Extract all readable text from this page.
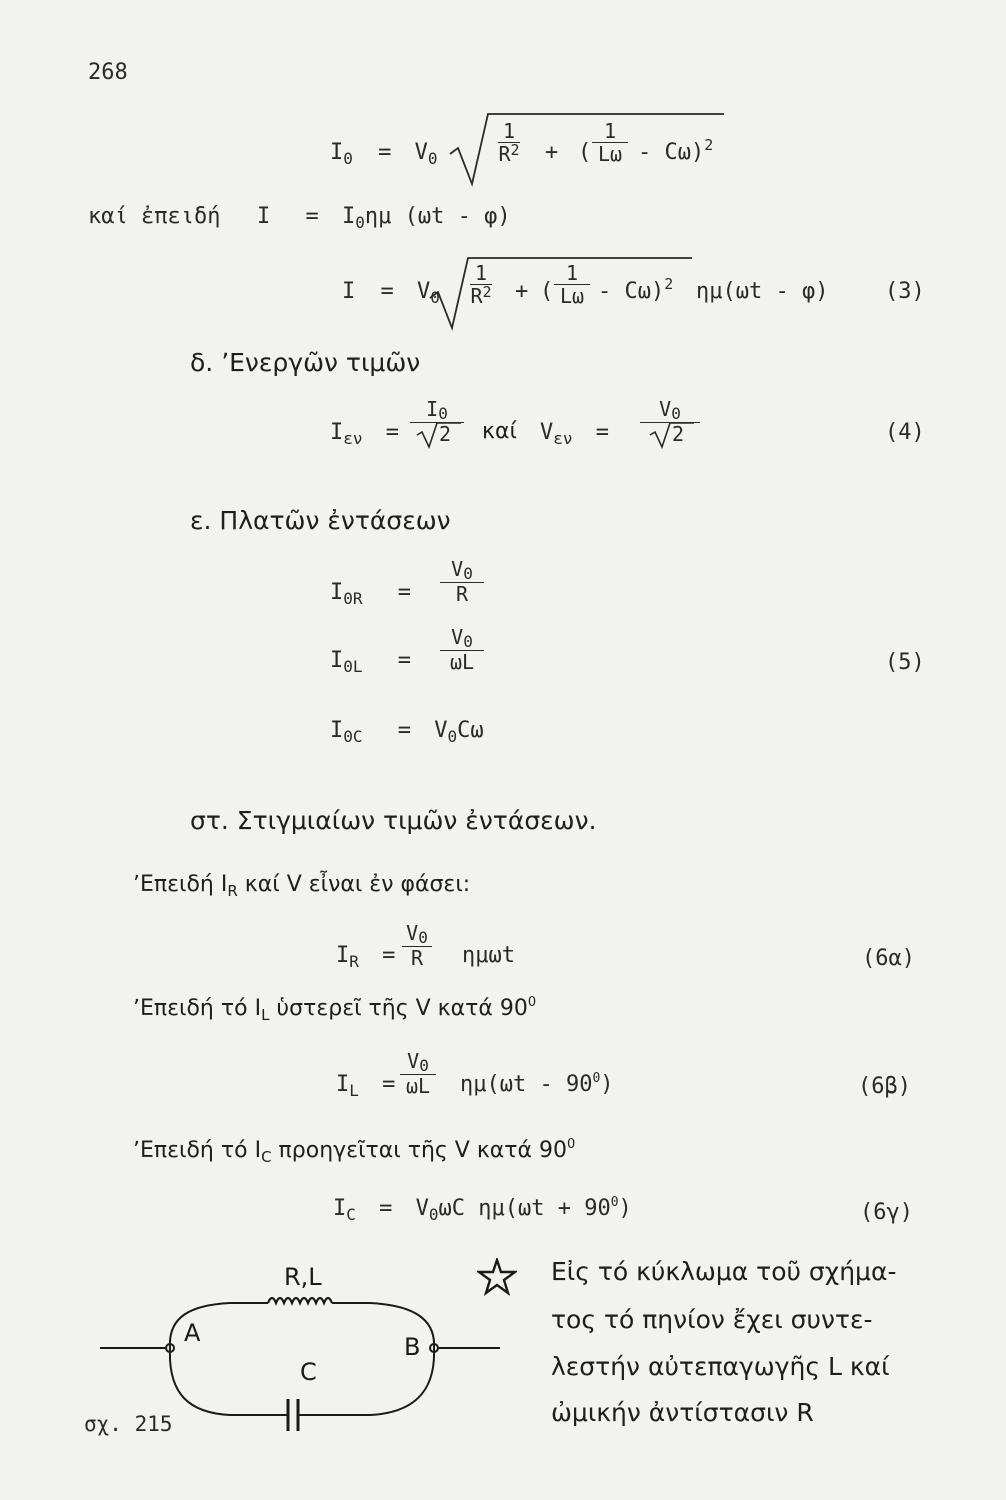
268
$I_0 = V_0$
1
$R^2$ + (
1
Lω - Cω)$^2$
καί ἐπειδή $I = I_0\eta\mu$ (ωt - φ)
$I = V_0$
1
$R^2$ + (
1
Lω - Cω)$^2$ ημ(ωt - φ)	(3)
δ. ʼΕνεργῶν τιμῶν
$I_{\varepsilon\nu}$ =
I0
2 καί $V_{\varepsilon\nu}$ =
V0
2	(4)
ε. Πλατῶν ἐντάσεων
$I_{0R}$ =
V0
R
$I_{0L}$ =
V0
ωL
$I_{0C} = V_0C\omega$
(5)
στ. Στιγμιαίων τιμῶν ἐντάσεων.
ʼΕπειδή $I_R$ καί V εἶναι ἐν φάσει:
$I_R$ =
V0
R ημωt	(6α)
ʼΕπειδή τό $I_L$ ὑστερεῖ τῆς V κατά $90^0$
$I_L$ =
V0
ωL $\eta\mu(\omega t - 90^0)$	(6β)
ʼΕπειδή τό $I_C$ προηγεῖται τῆς V κατά $90^0$
$I_C = V_0\omega C$ $\eta\mu(\omega t + 90^0)$	(6γ)
R,L
A	B
C
σχ. 215
Εἰς τό κύκλωμα τοῦ σχήμα-
τος τό πηνίον ἔχει συντε-
λεστήν αὐτεπαγωγῆς L καί
ὠμικήν ἀντίστασιν R
